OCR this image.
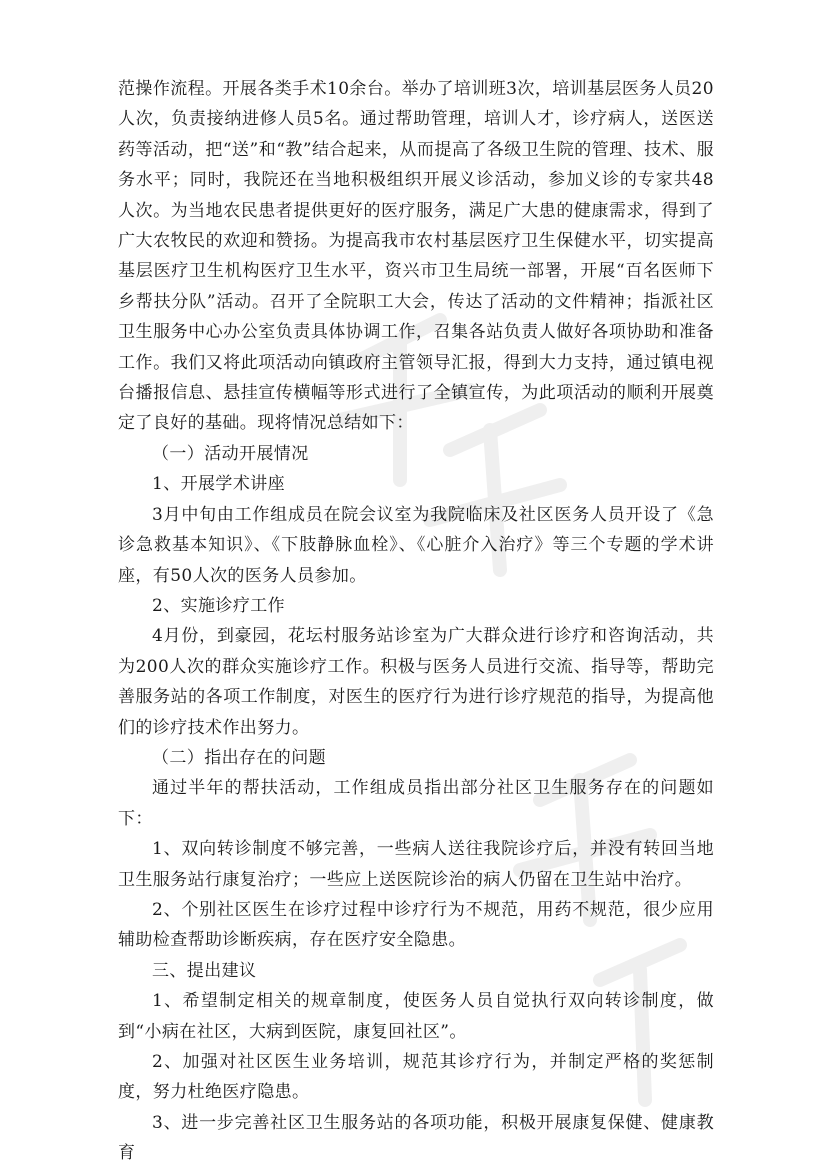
范操作流程。开展各类手术10余台。举办了培训班3次，培训基层医务人员20人次，负责接纳进修人员5名。通过帮助管理，培训人才，诊疗病人，送医送药等活动，把“送”和“教”结合起来，从而提高了各级卫生院的管理、技术、服务水平；同时，我院还在当地积极组织开展义诊活动，参加义诊的专家共48人次。为当地农民患者提供更好的医疗服务，满足广大患的健康需求，得到了广大农牧民的欢迎和赞扬。为提高我市农村基层医疗卫生保健水平，切实提高基层医疗卫生机构医疗卫生水平，资兴市卫生局统一部署，开展“百名医师下乡帮扶分队”活动。召开了全院职工大会，传达了活动的文件精神；指派社区卫生服务中心办公室负责具体协调工作，召集各站负责人做好各项协助和准备工作。我们又将此项活动向镇政府主管领导汇报，得到大力支持，通过镇电视台播报信息、悬挂宣传横幅等形式进行了全镇宣传，为此项活动的顺利开展奠定了良好的基础。现将情况总结如下：

（一）活动开展情况

1、开展学术讲座

3月中旬由工作组成员在院会议室为我院临床及社区医务人员开设了《急诊急救基本知识》、《下肢静脉血栓》、《心脏介入治疗》等三个专题的学术讲座，有50人次的医务人员参加。

2、实施诊疗工作

4月份，到豪园，花坛村服务站诊室为广大群众进行诊疗和咨询活动，共为200人次的群众实施诊疗工作。积极与医务人员进行交流、指导等，帮助完善服务站的各项工作制度，对医生的医疗行为进行诊疗规范的指导，为提高他们的诊疗技术作出努力。

（二）指出存在的问题

通过半年的帮扶活动，工作组成员指出部分社区卫生服务存在的问题如下：

1、双向转诊制度不够完善，一些病人送往我院诊疗后，并没有转回当地卫生服务站行康复治疗；一些应上送医院诊治的病人仍留在卫生站中治疗。

2、个别社区医生在诊疗过程中诊疗行为不规范，用药不规范，很少应用辅助检查帮助诊断疾病，存在医疗安全隐患。

三、提出建议

1、希望制定相关的规章制度，使医务人员自觉执行双向转诊制度，做到“小病在社区，大病到医院，康复回社区”。

2、加强对社区医生业务培训，规范其诊疗行为，并制定严格的奖惩制度，努力杜绝医疗隐患。

3、进一步完善社区卫生服务站的各项功能，积极开展康复保健、健康教育
